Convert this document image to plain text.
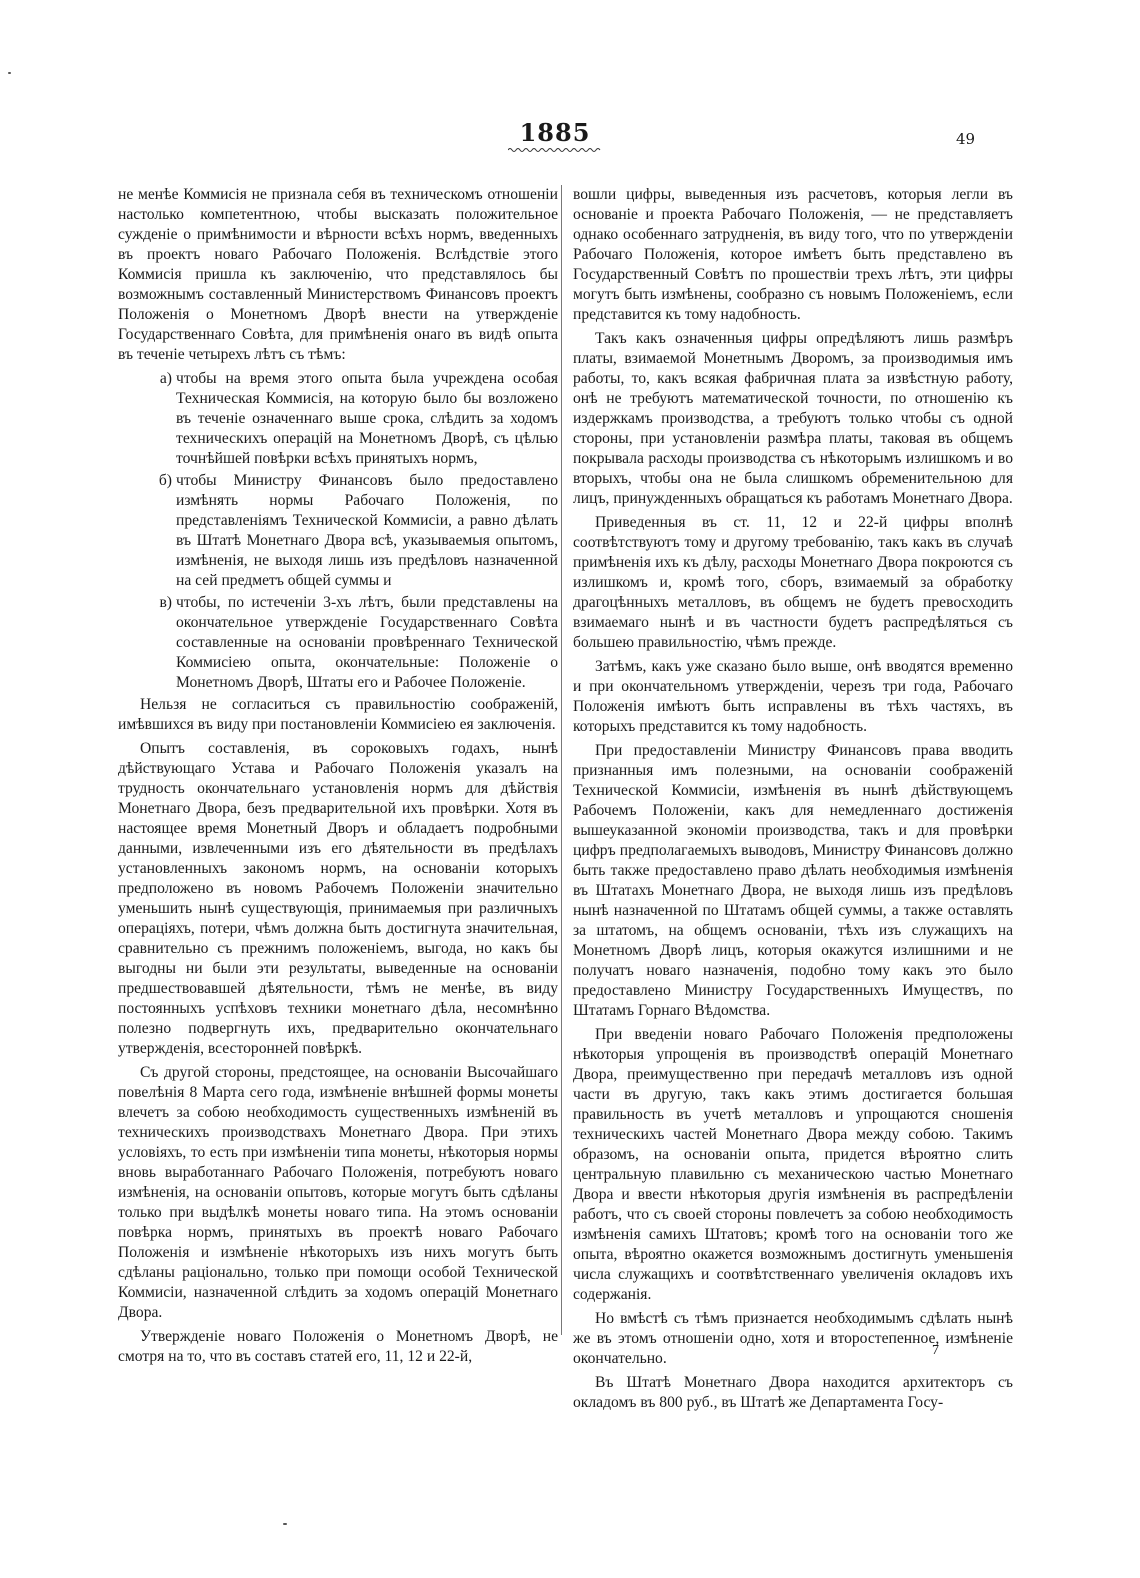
1885	49

не менѣе Коммисiя не признала себя въ техническомъ отношенiи настолько компетентною, чтобы высказать положительное сужденiе о примѣнимости и вѣрности всѣхъ нормъ, введенныхъ въ проектъ новаго Рабочаго Положенiя. Вслѣдствiе этого Коммисiя пришла къ заключенiю, что представлялось бы возможнымъ составленный Министерствомъ Финансовъ проектъ Положенiя о Монетномъ Дворѣ внести на утвержденiе Государственнаго Совѣта, для примѣненiя онаго въ видѣ опыта въ теченiе четырехъ лѣтъ съ тѣмъ:

а) чтобы на время этого опыта была учреждена особая Техническая Коммисiя, на которую было бы возложено въ теченiе означеннаго выше срока, слѣдить за ходомъ техническихъ операцiй на Монетномъ Дворѣ, съ цѣлью точнѣйшей повѣрки всѣхъ принятыхъ нормъ,
б) чтобы Министру Финансовъ было предоставлено измѣнять нормы Рабочаго Положенiя, по представленiямъ Технической Коммисiи, а равно дѣлать въ Штатѣ Монетнаго Двора всѣ, указываемыя опытомъ, измѣненiя, не выходя лишь изъ предѣловъ назначенной на сей предметъ общей суммы и
в) чтобы, по истеченiи 3-хъ лѣтъ, были представлены на окончательное утвержденiе Государственнаго Совѣта составленные на основанiи провѣреннаго Технической Коммисiею опыта, окончательные: Положенiе о Монетномъ Дворѣ, Штаты его и Рабочее Положенiе.

Нельзя не согласиться съ правильностiю соображенiй, имѣвшихся въ виду при постановленiи Коммисiею ея заключенiя.

Опытъ составленiя, въ сороковыхъ годахъ, нынѣ дѣйствующаго Устава и Рабочаго Положенiя указалъ на трудность окончательнаго установленiя нормъ для дѣйствiя Монетнаго Двора, безъ предварительной ихъ провѣрки. Хотя въ настоящее время Монетный Дворъ и обладаетъ подробными данными, извлеченными изъ его дѣятельности въ предѣлахъ установленныхъ закономъ нормъ, на основанiи которыхъ предположено въ новомъ Рабочемъ Положенiи значительно уменьшить нынѣ существующiя, принимаемыя при различныхъ операцiяхъ, потери, чѣмъ должна быть достигнута значительная, сравнительно съ прежнимъ положенiемъ, выгода, но какъ бы выгодны ни были эти результаты, выведенные на основанiи предшествовавшей дѣятельности, тѣмъ не менѣе, въ виду постоянныхъ успѣховъ техники монетнаго дѣла, несомнѣнно полезно подвергнуть ихъ, предварительно окончательнаго утвержденiя, всесторонней повѣркѣ.

Съ другой стороны, предстоящее, на основанiи Высочайшаго повелѣнiя 8 Марта сего года, измѣненiе внѣшней формы монеты влечетъ за собою необходимость существенныхъ измѣненiй въ техническихъ производствахъ Монетнаго Двора. При этихъ условiяхъ, то есть при измѣненiи типа монеты, нѣкоторыя нормы вновь выработаннаго Рабочаго Положенiя, потребуютъ новаго измѣненiя, на основанiи опытовъ, которые могутъ быть сдѣланы только при выдѣлкѣ монеты новаго типа. На этомъ основанiи повѣрка нормъ, принятыхъ въ проектѣ новаго Рабочаго Положенiя и измѣненiе нѣкоторыхъ изъ нихъ могутъ быть сдѣланы рацiонально, только при помощи особой Технической Коммисiи, назначенной слѣдить за ходомъ операцiй Монетнаго Двора.

Утвержденiе новаго Положенiя о Монетномъ Дворѣ, не смотря на то, что въ составъ статей его, 11, 12 и 22-й,

вошли цифры, выведенныя изъ расчетовъ, которыя легли въ основанiе и проекта Рабочаго Положенiя, — не представляетъ однако особеннаго затрудненiя, въ виду того, что по утвержденiи Рабочаго Положенiя, которое имѣетъ быть представлено въ Государственный Совѣтъ по прошествiи трехъ лѣтъ, эти цифры могутъ быть измѣнены, сообразно съ новымъ Положенiемъ, если представится къ тому надобность.

Такъ какъ означенныя цифры опредѣляютъ лишь размѣръ платы, взимаемой Монетнымъ Дворомъ, за производимыя имъ работы, то, какъ всякая фабричная плата за извѣстную работу, онѣ не требуютъ математической точности, по отношенiю къ издержкамъ производства, а требуютъ только чтобы съ одной стороны, при установленiи размѣра платы, таковая въ общемъ покрывала расходы производства съ нѣкоторымъ излишкомъ и во вторыхъ, чтобы она не была слишкомъ обременительною для лицъ, принужденныхъ обращаться къ работамъ Монетнаго Двора.

Приведенныя въ ст. 11, 12 и 22-й цифры вполнѣ соотвѣтствуютъ тому и другому требованiю, такъ какъ въ случаѣ примѣненiя ихъ къ дѣлу, расходы Монетнаго Двора покроются съ излишкомъ и, кромѣ того, сборъ, взимаемый за обработку драгоцѣнныхъ металловъ, въ общемъ не будетъ превосходить взимаемаго нынѣ и въ частности будетъ распредѣляться съ большею правильностiю, чѣмъ прежде.

Затѣмъ, какъ уже сказано было выше, онѣ вводятся временно и при окончательномъ утвержденiи, черезъ три года, Рабочаго Положенiя имѣютъ быть исправлены въ тѣхъ частяхъ, въ которыхъ представится къ тому надобность.

При предоставленiи Министру Финансовъ права вводить признанныя имъ полезными, на основанiи соображенiй Технической Коммисiи, измѣненiя въ нынѣ дѣйствующемъ Рабочемъ Положенiи, какъ для немедленнаго достиженiя вышеуказанной экономiи производства, такъ и для провѣрки цифръ предполагаемыхъ выводовъ, Министру Финансовъ должно быть также предоставлено право дѣлать необходимыя измѣненiя въ Штатахъ Монетнаго Двора, не выходя лишь изъ предѣловъ нынѣ назначенной по Штатамъ общей суммы, а также оставлять за штатомъ, на общемъ основанiи, тѣхъ изъ служащихъ на Монетномъ Дворѣ лицъ, которыя окажутся излишними и не получатъ новаго назначенiя, подобно тому какъ это было предоставлено Министру Государственныхъ Имуществъ, по Штатамъ Горнаго Вѣдомства.

При введенiи новаго Рабочаго Положенiя предположены нѣкоторыя упрощенiя въ производствѣ операцiй Монетнаго Двора, преимущественно при передачѣ металловъ изъ одной части въ другую, такъ какъ этимъ достигается большая правильность въ учетѣ металловъ и упрощаются сношенiя техническихъ частей Монетнаго Двора между собою. Такимъ образомъ, на основанiи опыта, придется вѣроятно слить центральную плавильню съ механическою частью Монетнаго Двора и ввести нѣкоторыя другiя измѣненiя въ распредѣленiи работъ, что съ своей стороны повлечетъ за собою необходимость измѣненiя самихъ Штатовъ; кромѣ того на основанiи того же опыта, вѣроятно окажется возможнымъ достигнуть уменьшенiя числа служащихъ и соотвѣтственнаго увеличенiя окладовъ ихъ содержанiя.

Но вмѣстѣ съ тѣмъ признается необходимымъ сдѣлать нынѣ же въ этомъ отношенiи одно, хотя и второстепенное, измѣненiе окончательно.

Въ Штатѣ Монетнаго Двора находится архитекторъ съ окладомъ въ 800 руб., въ Штатѣ же Департамента Госу-

7
